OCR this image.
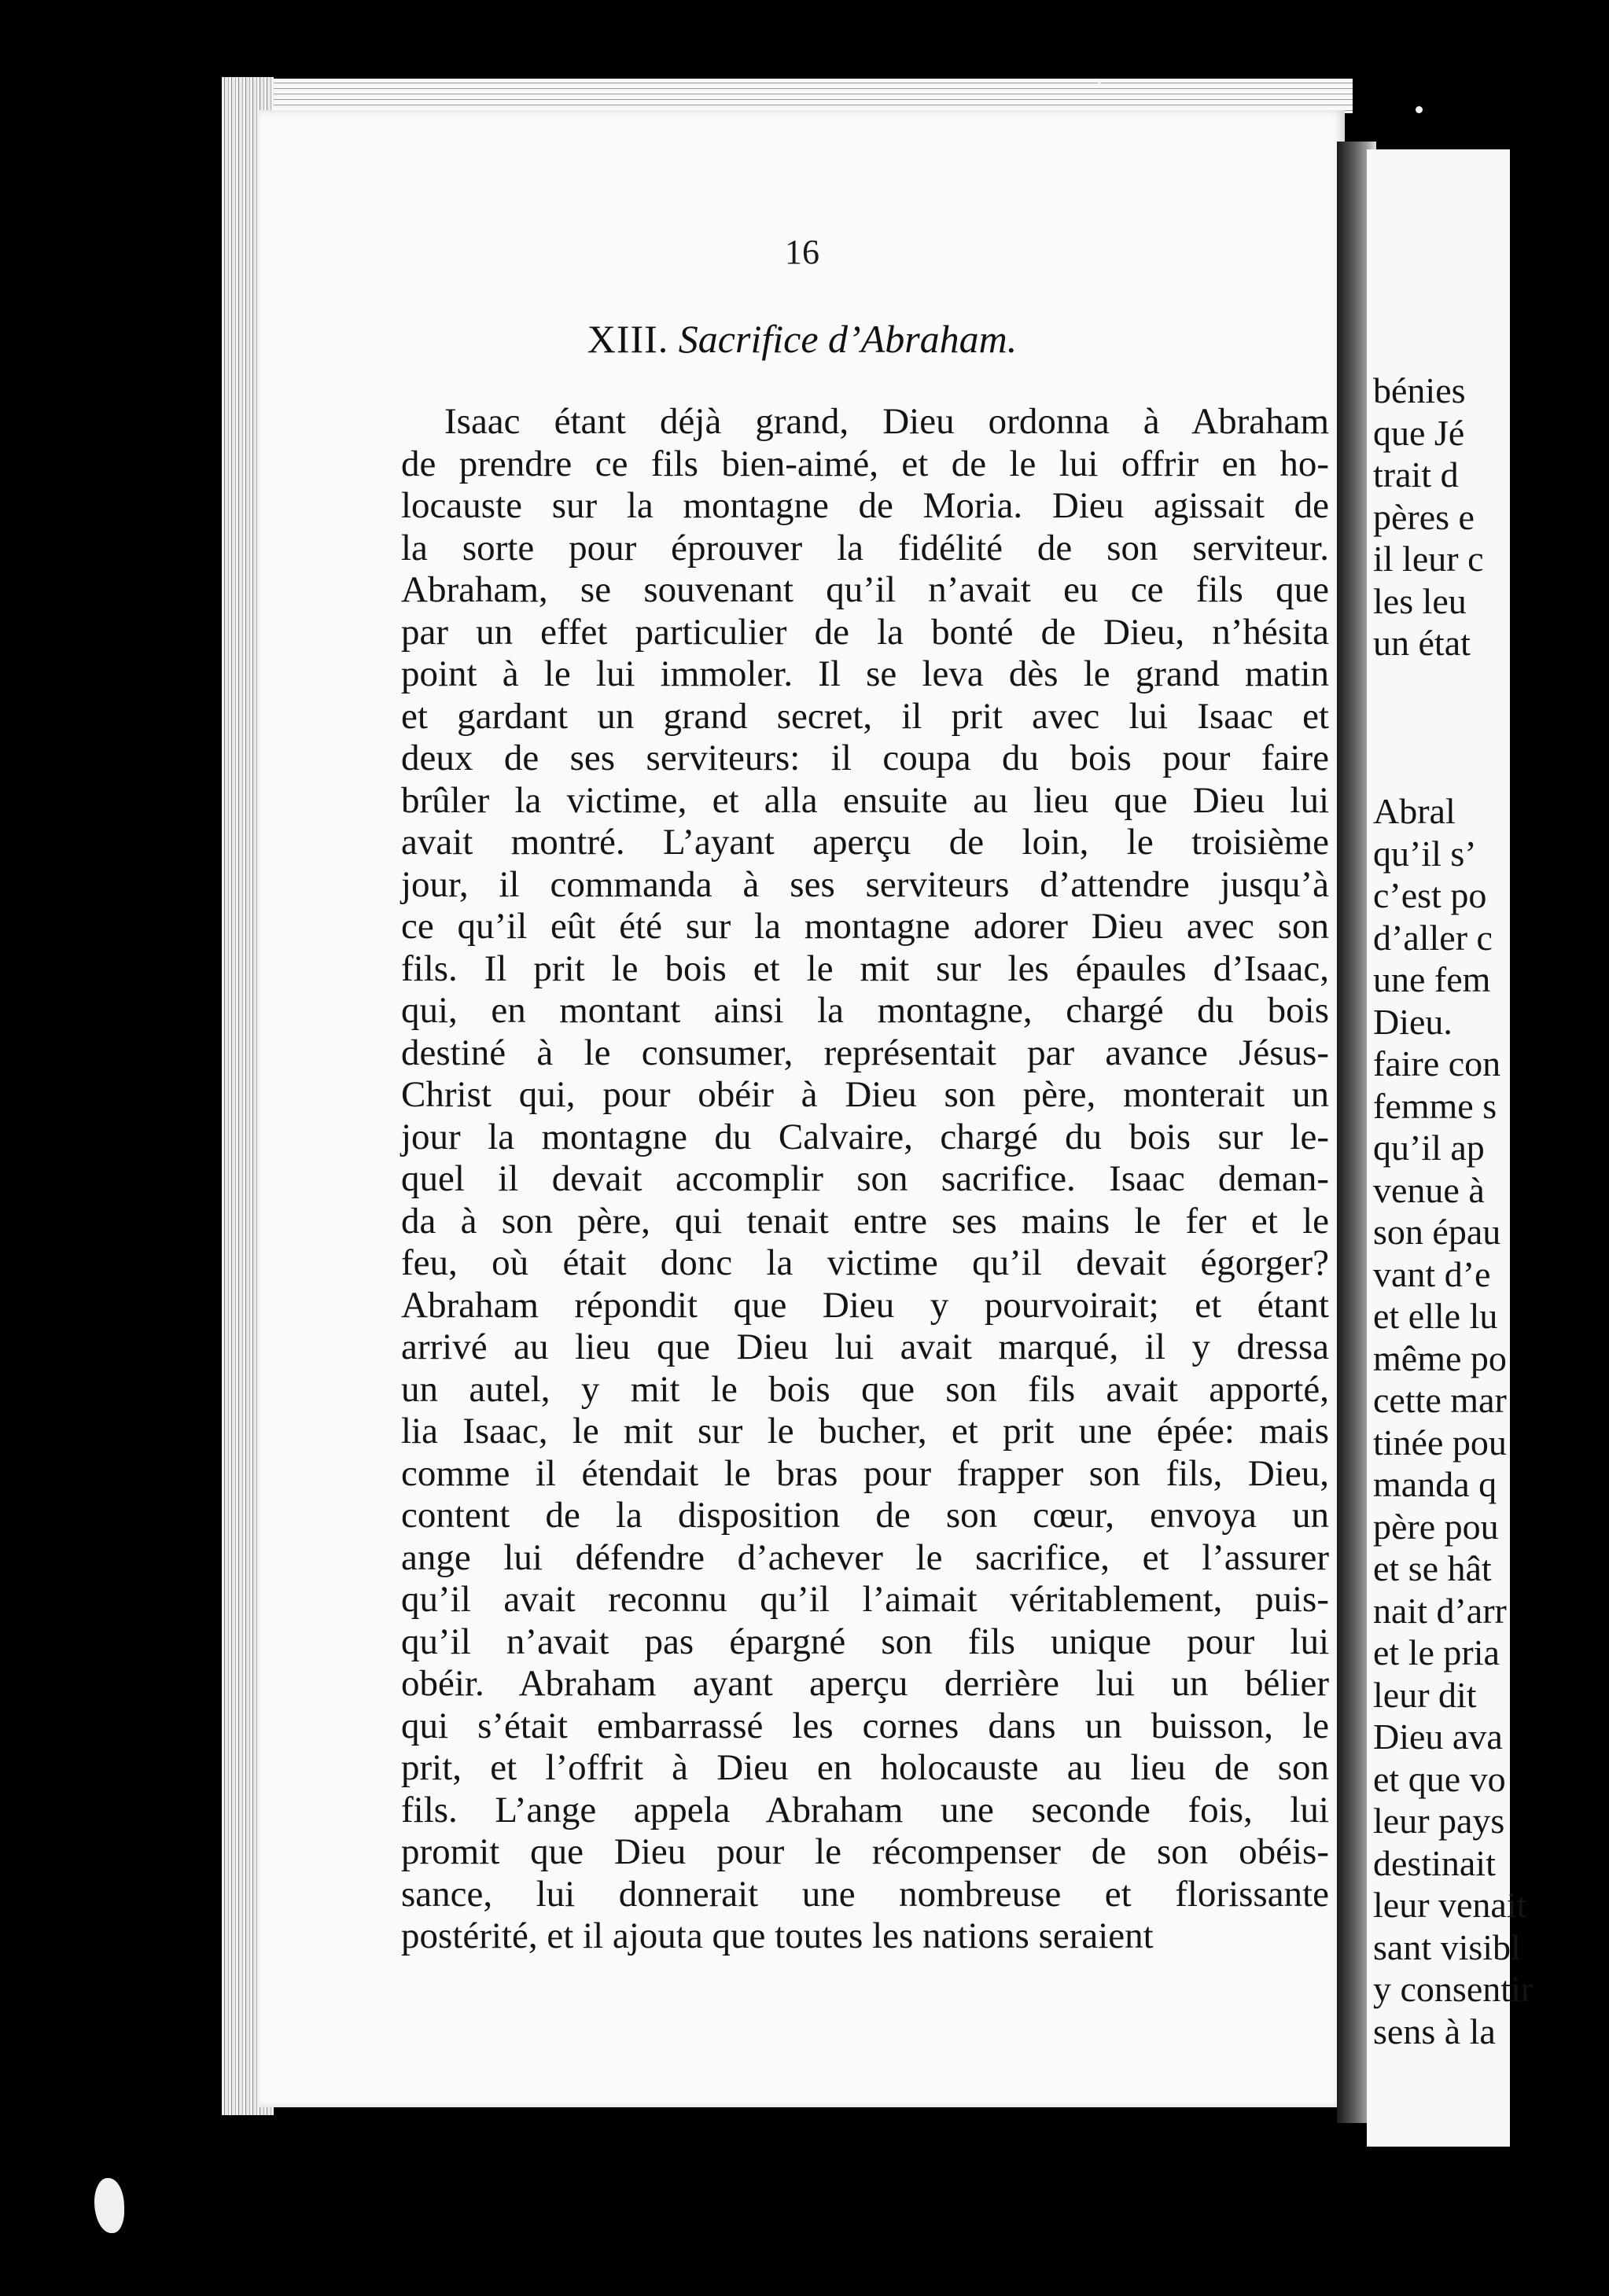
16
XIII. Sacrifice d’Abraham.
Isaac étant déjà grand, Dieu ordonna à Abraham
de prendre ce fils bien-aimé, et de le lui offrir en ho-
locauste sur la montagne de Moria. Dieu agissait de
la sorte pour éprouver la fidélité de son serviteur.
Abraham, se souvenant qu’il n’avait eu ce fils que
par un effet particulier de la bonté de Dieu, n’hésita
point à le lui immoler. Il se leva dès le grand matin
et gardant un grand secret, il prit avec lui Isaac et
deux de ses serviteurs: il coupa du bois pour faire
brûler la victime, et alla ensuite au lieu que Dieu lui
avait montré. L’ayant aperçu de loin, le troisième
jour, il commanda à ses serviteurs d’attendre jusqu’à
ce qu’il eût été sur la montagne adorer Dieu avec son
fils. Il prit le bois et le mit sur les épaules d’Isaac,
qui, en montant ainsi la montagne, chargé du bois
destiné à le consumer, représentait par avance Jésus-
Christ qui, pour obéir à Dieu son père, monterait un
jour la montagne du Calvaire, chargé du bois sur le-
quel il devait accomplir son sacrifice. Isaac deman-
da à son père, qui tenait entre ses mains le fer et le
feu, où était donc la victime qu’il devait égorger?
Abraham répondit que Dieu y pourvoirait; et étant
arrivé au lieu que Dieu lui avait marqué, il y dressa
un autel, y mit le bois que son fils avait apporté,
lia Isaac, le mit sur le bucher, et prit une épée: mais
comme il étendait le bras pour frapper son fils, Dieu,
content de la disposition de son cœur, envoya un
ange lui défendre d’achever le sacrifice, et l’assurer
qu’il avait reconnu qu’il l’aimait véritablement, puis-
qu’il n’avait pas épargné son fils unique pour lui
obéir. Abraham ayant aperçu derrière lui un bélier
qui s’était embarrassé les cornes dans un buisson, le
prit, et l’offrit à Dieu en holocauste au lieu de son
fils. L’ange appela Abraham une seconde fois, lui
promit que Dieu pour le récompenser de son obéis-
sance, lui donnerait une nombreuse et florissante
postérité, et il ajouta que toutes les nations seraient
bénies
que Jé
trait d
pères e
il leur c
les leu
un état
Abral
qu’il s’
c’est po
d’aller c
une fem
Dieu.
faire con
femme s
qu’il ap
venue à
son épau
vant d’e
et elle lu
même po
cette mar
tinée pou
manda q
père pou
et se hât
nait d’arr
et le pria
leur dit
Dieu ava
et que vo
leur pays
destinait
leur venait
sant visibl
y consentir
sens à la
